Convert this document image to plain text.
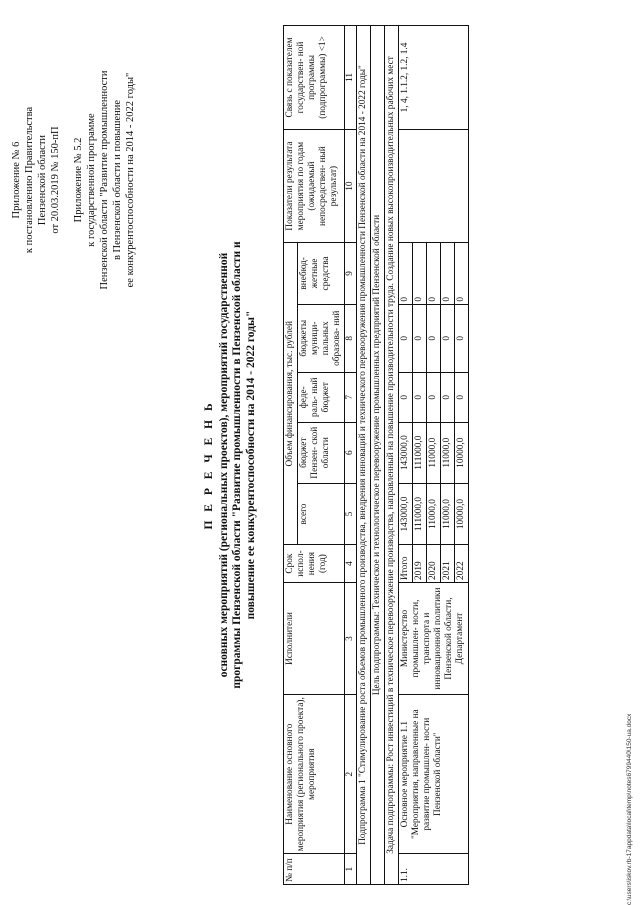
Приложение № 6 к постановлению Правительства Пензенской области от 20.03.2019 № 150-пП Приложение № 5.2 к государственной программе Пензенской области "Развитие промышленности в Пензенской области и повышение ее конкурентоспособности на 2014 - 2022 годы"

П Е Р Е Ч Е Н Ь основных мероприятий (региональных проектов), мероприятий государственной программы Пензенской области "Развитие промышленности в Пензенской области и повышение ее конкурентоспособности на 2014 - 2022 годы"

№ п/п	Наименование основного мероприятия (регионального проекта), мероприятия	Исполнители	Срок испол- нения (год)	Объем финансирования, тыс. рублей					Показатели результата мероприятия по годам (ожидаемый непосредствен- ный результат)	Связь с показателем государствен- ной программы (подпрограммы) <1>
				всего	бюджет Пензен- ской области	феде- раль- ный бюджет	бюджеты муници- пальных образова- ний	внебюд- жетные средства		
1	2	3	4	5	6	7	8	9	10	11
Подпрограмма 1 "Стимулирование роста объемов промышленного производства, внедрения инноваций и технического перевооружения промышленности Пензенской области на 2014 - 2022 годы"										
Цель подпрограммы: Техническое и технологическое перевооружение промышленных предприятий Пензенской области										
Задача подпрограммы: Рост инвестиций в техническое перевооружение производства, направленный на повышение производительности труда. Создание новых высокопроизводительных рабочих мест										
1.1.	Основное мероприятие 1.1 "Мероприятия, направленные на развитие промышлен- ности Пензенской области"	Министерство промышлен- ности, транспорта и инновационной политики Пензенской области, Департамент	Итого	143000,0	143000,0	0	0	0		1, 4, 1.1.2, 1.2, 1.4
			2019	111000,0	111000,0	0	0	0		
			2020	11000,0	11000,0	0	0	0		
			2021	11000,0	11000,0	0	0	0		
			2022	10000,0	10000,0	0	0	0		
c:\users\iskov.rb-17appdata\local\temp\notes6799440\150-ua.docx
